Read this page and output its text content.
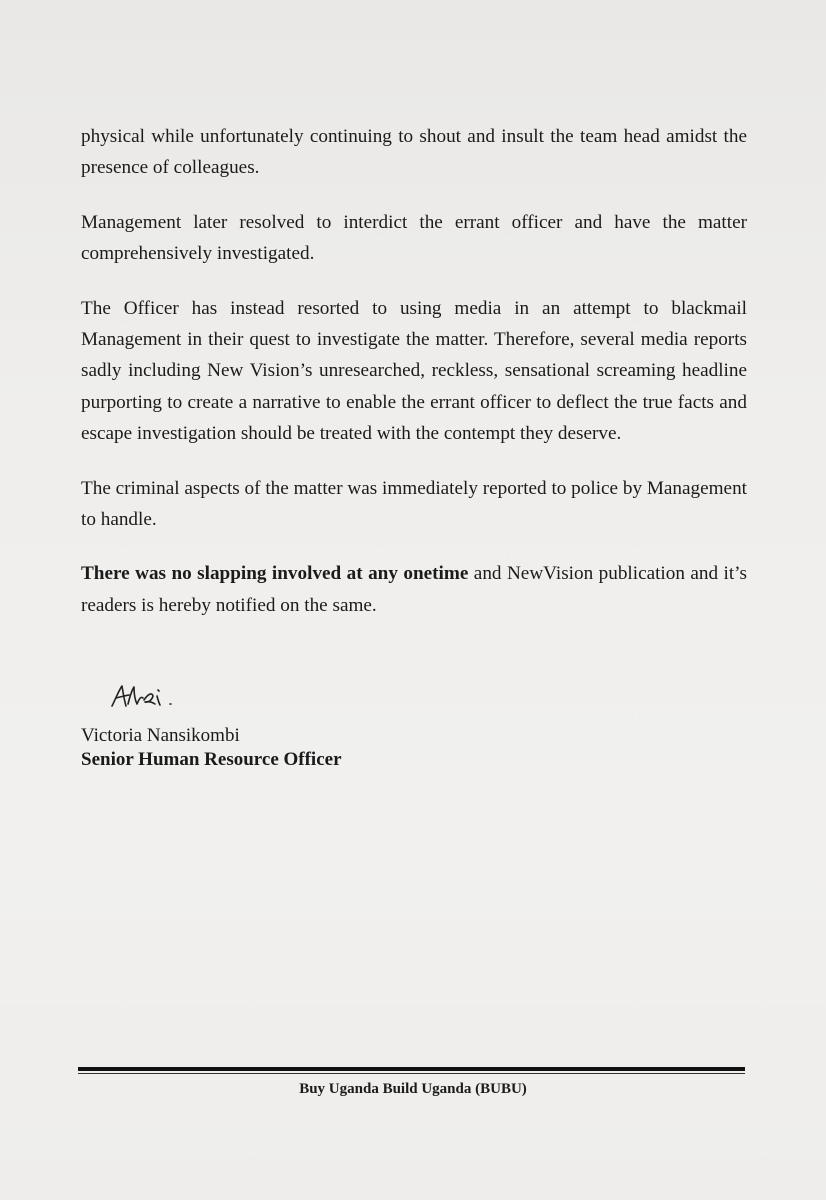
physical while unfortunately continuing to shout and insult the team head amidst the presence of colleagues.

Management later resolved to interdict the errant officer and have the matter comprehensively investigated.

The Officer has instead resorted to using media in an attempt to blackmail Management in their quest to investigate the matter. Therefore, several media reports sadly including New Vision’s unresearched, reckless, sensational screaming headline purporting to create a narrative to enable the errant officer to deflect the true facts and escape investigation should be treated with the contempt they deserve.

The criminal aspects of the matter was immediately reported to police by Management to handle.

There was no slapping involved at any onetime and NewVision publication and it’s readers is hereby notified on the same.

Victoria Nansikombi
Senior Human Resource Officer
Buy Uganda Build Uganda (BUBU)
